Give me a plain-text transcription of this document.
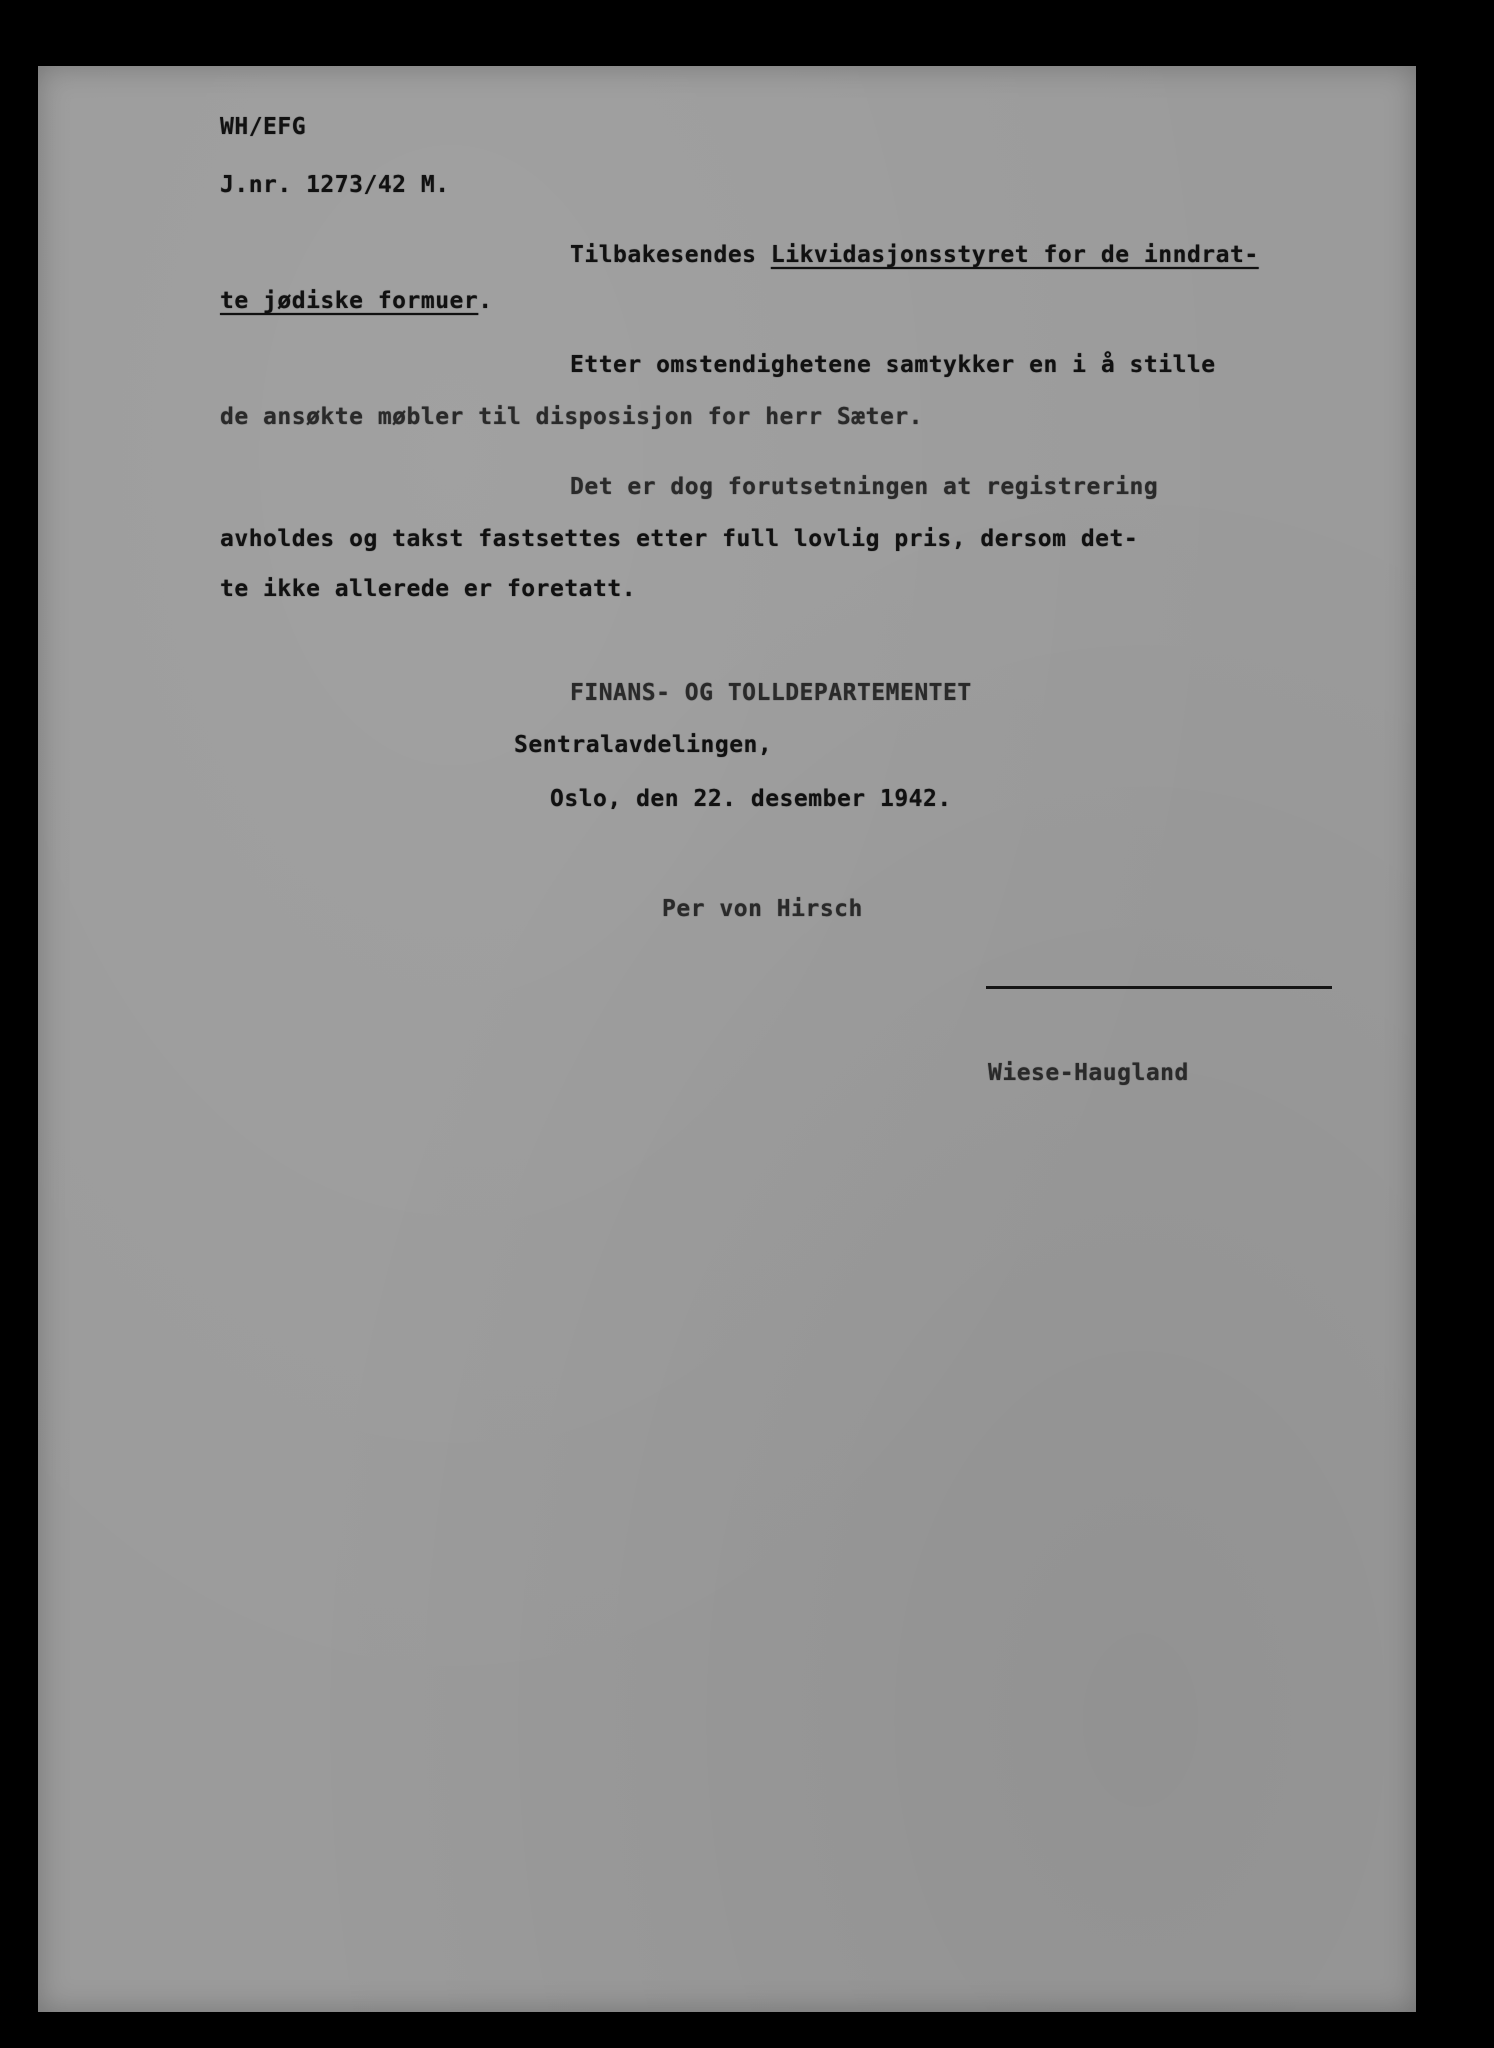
WH/EFG
J.nr. 1273/42 M.
Tilbakesendes Likvidasjonsstyret for de inndrat-
te jødiske formuer.
Etter omstendighetene samtykker en i å stille
de ansøkte møbler til disposisjon for herr Sæter.
Det er dog forutsetningen at registrering
avholdes og takst fastsettes etter full lovlig pris, dersom det-
te ikke allerede er foretatt.
FINANS- OG TOLLDEPARTEMENTET
Sentralavdelingen,
Oslo, den 22. desember 1942.
Per von Hirsch
Wiese-Haugland
